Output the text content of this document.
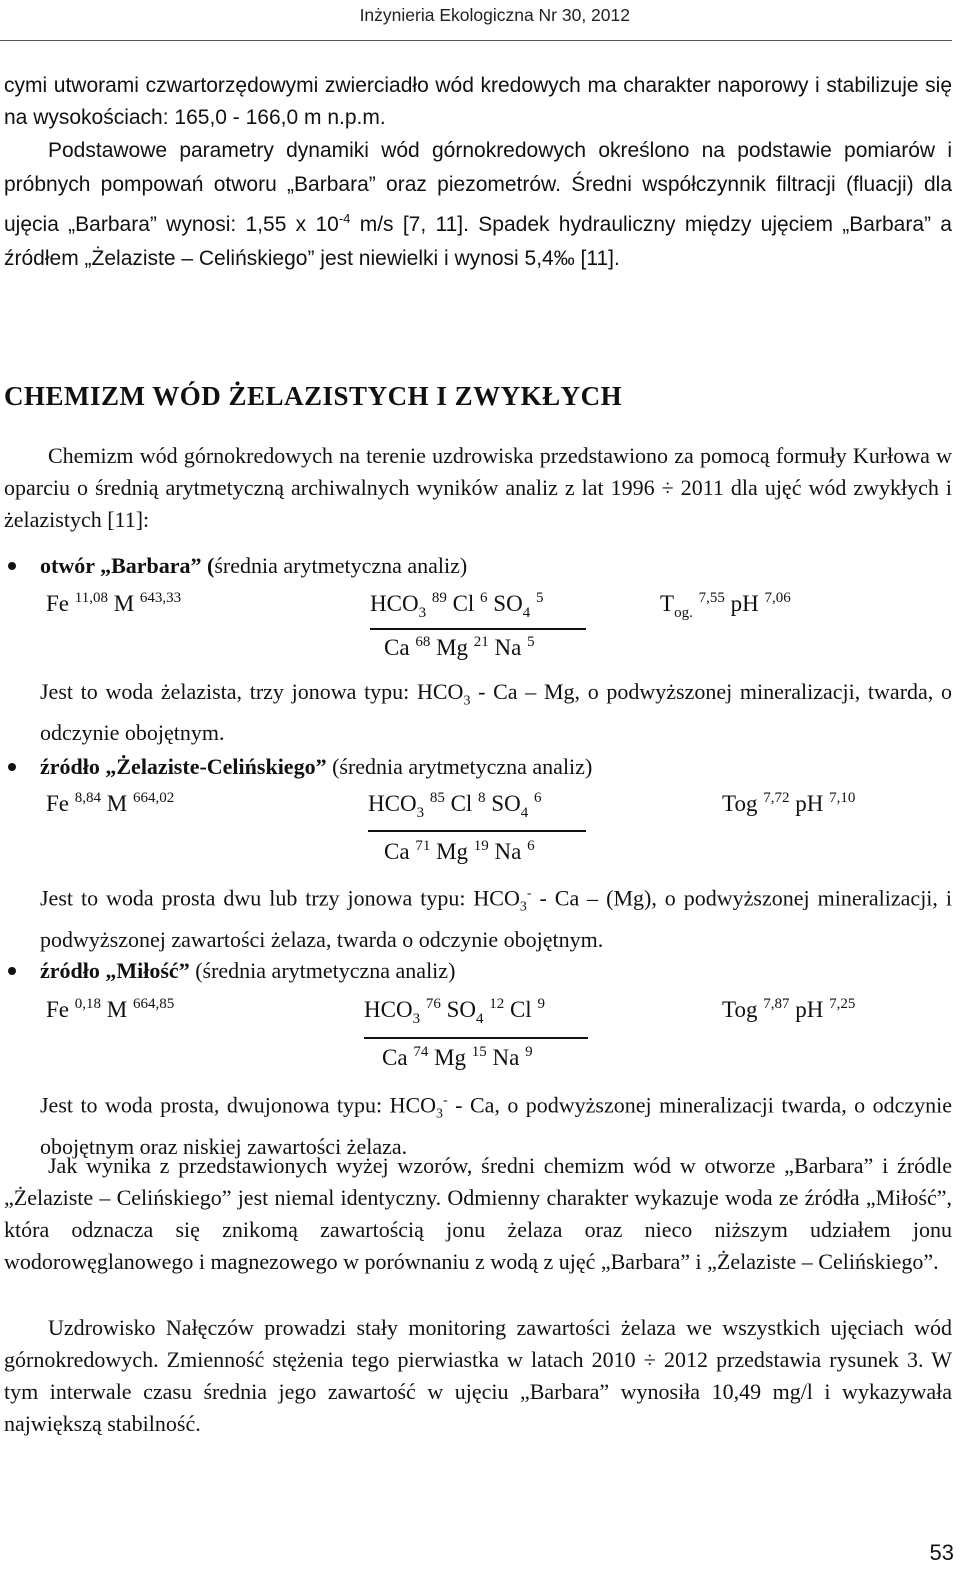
Inżynieria Ekologiczna Nr 30, 2012
cymi utworami czwartorzędowymi zwierciadło wód kredowych ma charakter naporowy i stabilizuje się na wysokościach: 165,0 - 166,0 m n.p.m.
Podstawowe parametry dynamiki wód górnokredowych określono na podstawie pomiarów i próbnych pompowań otworu „Barbara” oraz piezometrów. Średni współczynnik filtracji (fluacji) dla ujęcia „Barbara” wynosi: 1,55 x $10^{-4}$ m/s [7, 11]. Spadek hydrauliczny między ujęciem „Barbara” a źródłem „Żelaziste – Celińskiego” jest niewielki i wynosi 5,4‰ [11].
CHEMIZM WÓD ŻELAZISTYCH I ZWYKŁYCH
Chemizm wód górnokredowych na terenie uzdrowiska przedstawiono za pomocą formuły Kurłowa w oparciu o średnią arytmetyczną archiwalnych wyników analiz z lat 1996 ÷ 2011 dla ujęć wód zwykłych i żelazistych [11]:
otwór „Barbara” (średnia arytmetyczna analiz)
Fe $^{11,08}$ M $^{643,33}$	$HCO_3$ $^{89}$ Cl $^6$ $SO_4$ $^5$
Ca $^{68}$ Mg $^{21}$ Na $^5$
$T_{og.}$ $^{7,55}$ pH $^{7,06}$
Jest to woda żelazista, trzy jonowa typu: $HCO_3$ - Ca – Mg, o podwyższonej mineralizacji, twarda, o odczynie obojętnym.
źródło „Żelaziste-Celińskiego” (średnia arytmetyczna analiz)
Fe $^{8,84}$ M $^{664,02}$	$HCO_3$ $^{85}$ Cl $^8$ $SO_4$ $^6$
Ca $^{71}$ Mg $^{19}$ Na $^6$
Tog $^{7,72}$ pH $^{7,10}$
Jest to woda prosta dwu lub trzy jonowa typu: $HCO_3^-$ - Ca – (Mg), o podwyższonej mineralizacji, i podwyższonej zawartości żelaza, twarda o odczynie obojętnym.
źródło „Miłość” (średnia arytmetyczna analiz)
Fe $^{0,18}$ M $^{664,85}$	$HCO_3$ $^{76}$ $SO_4$ $^{12}$ Cl $^9$
Ca $^{74}$ Mg $^{15}$ Na $^9$
Tog $^{7,87}$ pH $^{7,25}$
Jest to woda prosta, dwujonowa typu: $HCO_3^-$ - Ca, o podwyższonej mineralizacji twarda, o odczynie obojętnym oraz niskiej zawartości żelaza.
Jak wynika z przedstawionych wyżej wzorów, średni chemizm wód w otworze „Barbara” i źródle „Żelaziste – Celińskiego” jest niemal identyczny. Odmienny charakter wykazuje woda ze źródła „Miłość”, która odznacza się znikomą zawartością jonu żelaza oraz nieco niższym udziałem jonu wodorowęglanowego i magnezowego w porównaniu z wodą z ujęć „Barbara” i „Żelaziste – Celińskiego”.
Uzdrowisko Nałęczów prowadzi stały monitoring zawartości żelaza we wszystkich ujęciach wód górnokredowych. Zmienność stężenia tego pierwiastka w latach 2010 ÷ 2012 przedstawia rysunek 3. W tym interwale czasu średnia jego zawartość w ujęciu „Barbara” wynosiła 10,49 mg/l i wykazywała największą stabilność.
53
